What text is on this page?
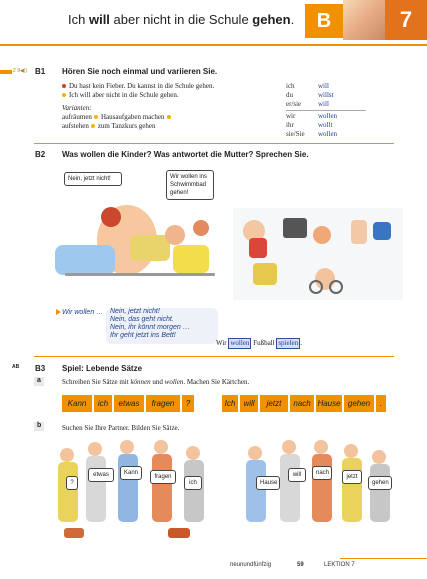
Ich will aber nicht in die Schule gehen.	B	7
2 9◀)) B1 Hören Sie noch einmal und variieren Sie.
Du hast kein Fieber. Du kannst in die Schule gehen.
Ich will aber nicht in die Schule gehen.
Varianten:
aufräumen Hausaufgaben machen
aufstehen zum Tanzkurs gehen
ich	will
du	willst
er/sie will
wir	wollen
ihr	wollt
sie/Sie wollen
B2 Was wollen die Kinder? Was antwortet die Mutter? Sprechen Sie.
Nein, jetzt nicht!	Wir wollen ins Schwimmbad gehen!
Wir wollen … Nein, jetzt nicht!
Nein, das geht nicht.
Nein, ihr könnt morgen …
Ihr geht jetzt ins Bett!
Wir wollen Fußball spielen .
AB B3 Spiel: Lebende Sätze
a	Schreiben Sie Sätze mit können und wollen. Machen Sie Kärtchen.
Kann	ich	etwas	fragen	?	Ich	will	jetzt	nach Hause gehen	.
b	Suchen Sie Ihre Partner. Bilden Sie Sätze.
?
etwas	Kann
fragen
ich	Hause
will	nach
jetzt
gehen
neunundfünfzig	59	LEKTION 7
